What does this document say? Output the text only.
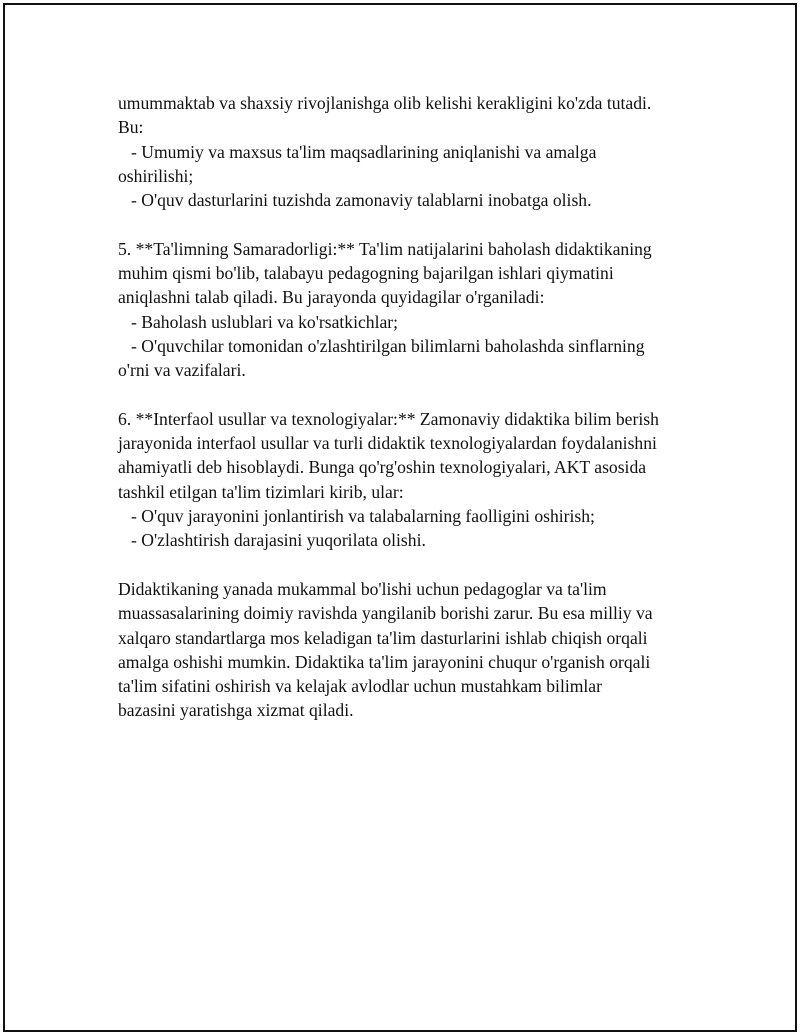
umummaktab va shaxsiy rivojlanishga olib kelishi kerakligini ko'zda tutadi.
Bu:
- Umumiy va maxsus ta'lim maqsadlarining aniqlanishi va amalga
oshirilishi;
- O'quv dasturlarini tuzishda zamonaviy talablarni inobatga olish.
5. **Ta'limning Samaradorligi:** Ta'lim natijalarini baholash didaktikaning
muhim qismi bo'lib, talabayu pedagogning bajarilgan ishlari qiymatini
aniqlashni talab qiladi. Bu jarayonda quyidagilar o'rganiladi:
- Baholash uslublari va ko'rsatkichlar;
- O'quvchilar tomonidan o'zlashtirilgan bilimlarni baholashda sinflarning
o'rni va vazifalari.
6. **Interfaol usullar va texnologiyalar:** Zamonaviy didaktika bilim berish
jarayonida interfaol usullar va turli didaktik texnologiyalardan foydalanishni
ahamiyatli deb hisoblaydi. Bunga qo'rg'oshin texnologiyalari, AKT asosida
tashkil etilgan ta'lim tizimlari kirib, ular:
- O'quv jarayonini jonlantirish va talabalarning faolligini oshirish;
- O'zlashtirish darajasini yuqorilata olishi.
Didaktikaning yanada mukammal bo'lishi uchun pedagoglar va ta'lim
muassasalarining doimiy ravishda yangilanib borishi zarur. Bu esa milliy va
xalqaro standartlarga mos keladigan ta'lim dasturlarini ishlab chiqish orqali
amalga oshishi mumkin. Didaktika ta'lim jarayonini chuqur o'rganish orqali
ta'lim sifatini oshirish va kelajak avlodlar uchun mustahkam bilimlar
bazasini yaratishga xizmat qiladi.
